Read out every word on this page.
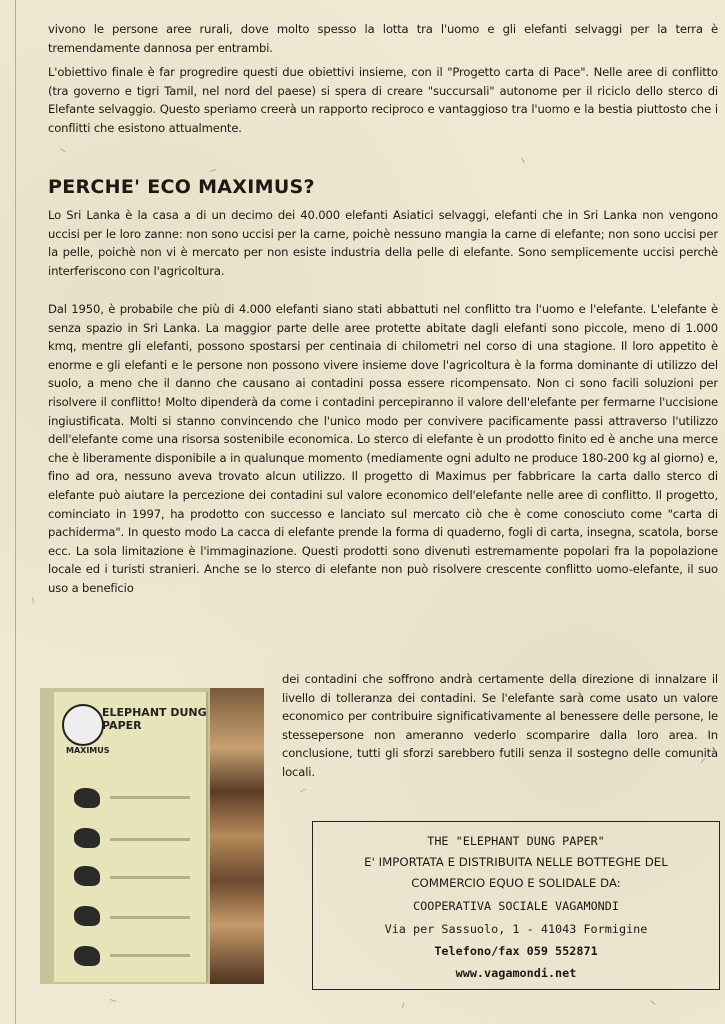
vivono le persone aree rurali, dove molto spesso la lotta tra l'uomo e gli elefanti selvaggi per la terra è tremendamente dannosa per entrambi.
L'obiettivo finale è far progredire questi due obiettivi insieme, con il "Progetto carta di Pace". Nelle aree di conflitto (tra governo e tigri Tamil, nel nord del paese) si spera di creare "succursali" autonome per il riciclo dello sterco di Elefante selvaggio. Questo speriamo creerà un rapporto reciproco e vantaggioso tra l'uomo e la bestia piuttosto che i conflitti che esistono attualmente.
PERCHE' ECO MAXIMUS?
Lo Sri Lanka è la casa a di un decimo dei 40.000 elefanti Asiatici selvaggi, elefanti che in Sri Lanka non vengono uccisi per le loro zanne: non sono uccisi per la carne, poichè nessuno mangia la carne di elefante; non sono uccisi per la pelle, poichè non vi è mercato per non esiste industria della pelle di elefante. Sono semplicemente uccisi perchè interferiscono con l'agricoltura.
Dal 1950, è probabile che più di 4.000 elefanti siano stati abbattuti nel conflitto tra l'uomo e l'elefante. L'elefante è senza spazio in Sri Lanka. La maggior parte delle aree protette abitate dagli elefanti sono piccole, meno di 1.000 kmq, mentre gli elefanti, possono spostarsi per centinaia di chilometri nel corso di una stagione. Il loro appetito è enorme e gli elefanti e le persone non possono vivere insieme dove l'agricoltura è la forma dominante di utilizzo del suolo, a meno che il danno che causano ai contadini possa essere ricompensato. Non ci sono facili soluzioni per risolvere il conflitto! Molto dipenderà da come i contadini percepiranno il valore dell'elefante per fermarne l'uccisione ingiustificata. Molti si stanno convincendo che l'unico modo per convivere pacificamente passi attraverso l'utilizzo dell'elefante come una risorsa sostenibile economica. Lo sterco di elefante è un prodotto finito ed è anche una merce che è liberamente disponibile a in qualunque momento (mediamente ogni adulto ne produce 180-200 kg al giorno) e, fino ad ora, nessuno aveva trovato alcun utilizzo. Il progetto di Maximus per fabbricare la carta dallo sterco di elefante può aiutare la percezione dei contadini sul valore economico dell'elefante nelle aree di conflitto. Il progetto, cominciato in 1997, ha prodotto con successo e lanciato sul mercato ciò che è come conosciuto come "carta di pachiderma". In questo modo La cacca di elefante prende la forma di quaderno, fogli di carta, insegna, scatola, borse ecc. La sola limitazione è l'immaginazione. Questi prodotti sono divenuti estremamente popolari fra la popolazione locale ed i turisti stranieri. Anche se lo sterco di elefante non può risolvere crescente conflitto uomo-elefante, il suo uso a beneficio
dei contadini che soffrono andrà certamente della direzione di innalzare il livello di tolleranza dei contadini. Se l'elefante sarà come usato un valore economico per contribuire significativamente al benessere delle persone, le stessepersone non ameranno vederlo scomparire dalla loro area. In conclusione, tutti gli sforzi sarebbero futili senza il sostegno delle comunità locali.
ELEPHANT DUNG
PAPER
MAXIMUS
THE "ELEPHANT DUNG PAPER"
E' IMPORTATA E DISTRIBUITA NELLE BOTTEGHE DEL
COMMERCIO EQUO E SOLIDALE DA:
COOPERATIVA SOCIALE VAGAMONDI
Via per Sassuolo, 1 - 41043 Formigine
Telefono/fax 059 552871
www.vagamondi.net
